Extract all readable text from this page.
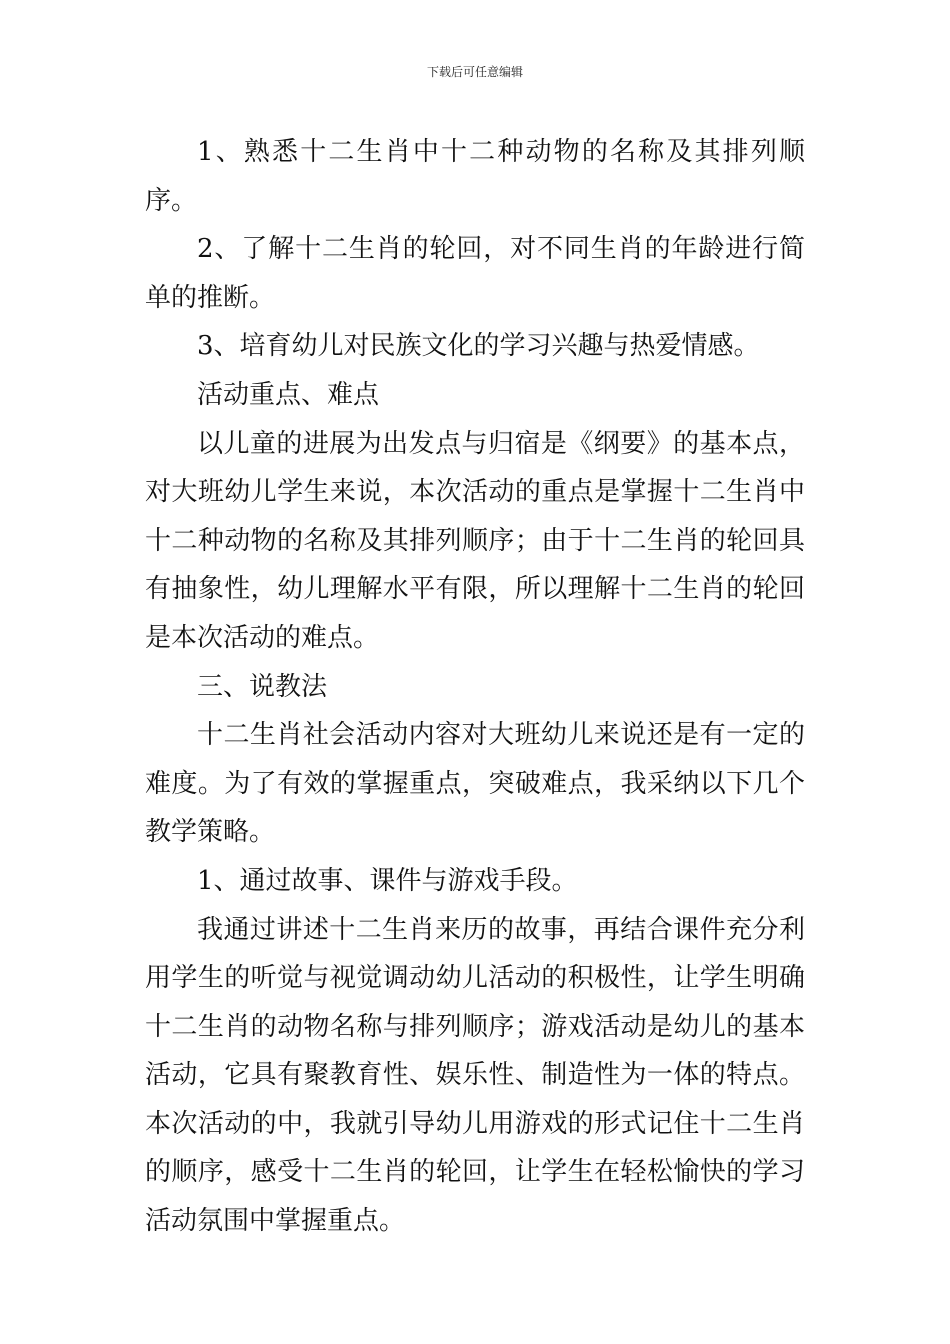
下载后可任意编辑

1、熟悉十二生肖中十二种动物的名称及其排列顺序。

2、了解十二生肖的轮回，对不同生肖的年龄进行简单的推断。

3、培育幼儿对民族文化的学习兴趣与热爱情感。

活动重点、难点

以儿童的进展为出发点与归宿是《纲要》的基本点，对大班幼儿学生来说，本次活动的重点是掌握十二生肖中十二种动物的名称及其排列顺序；由于十二生肖的轮回具有抽象性，幼儿理解水平有限，所以理解十二生肖的轮回是本次活动的难点。

三、说教法

十二生肖社会活动内容对大班幼儿来说还是有一定的难度。为了有效的掌握重点，突破难点，我采纳以下几个教学策略。

1、通过故事、课件与游戏手段。

我通过讲述十二生肖来历的故事，再结合课件充分利用学生的听觉与视觉调动幼儿活动的积极性，让学生明确十二生肖的动物名称与排列顺序；游戏活动是幼儿的基本活动，它具有聚教育性、娱乐性、制造性为一体的特点。本次活动的中，我就引导幼儿用游戏的形式记住十二生肖的顺序，感受十二生肖的轮回，让学生在轻松愉快的学习活动氛围中掌握重点。
